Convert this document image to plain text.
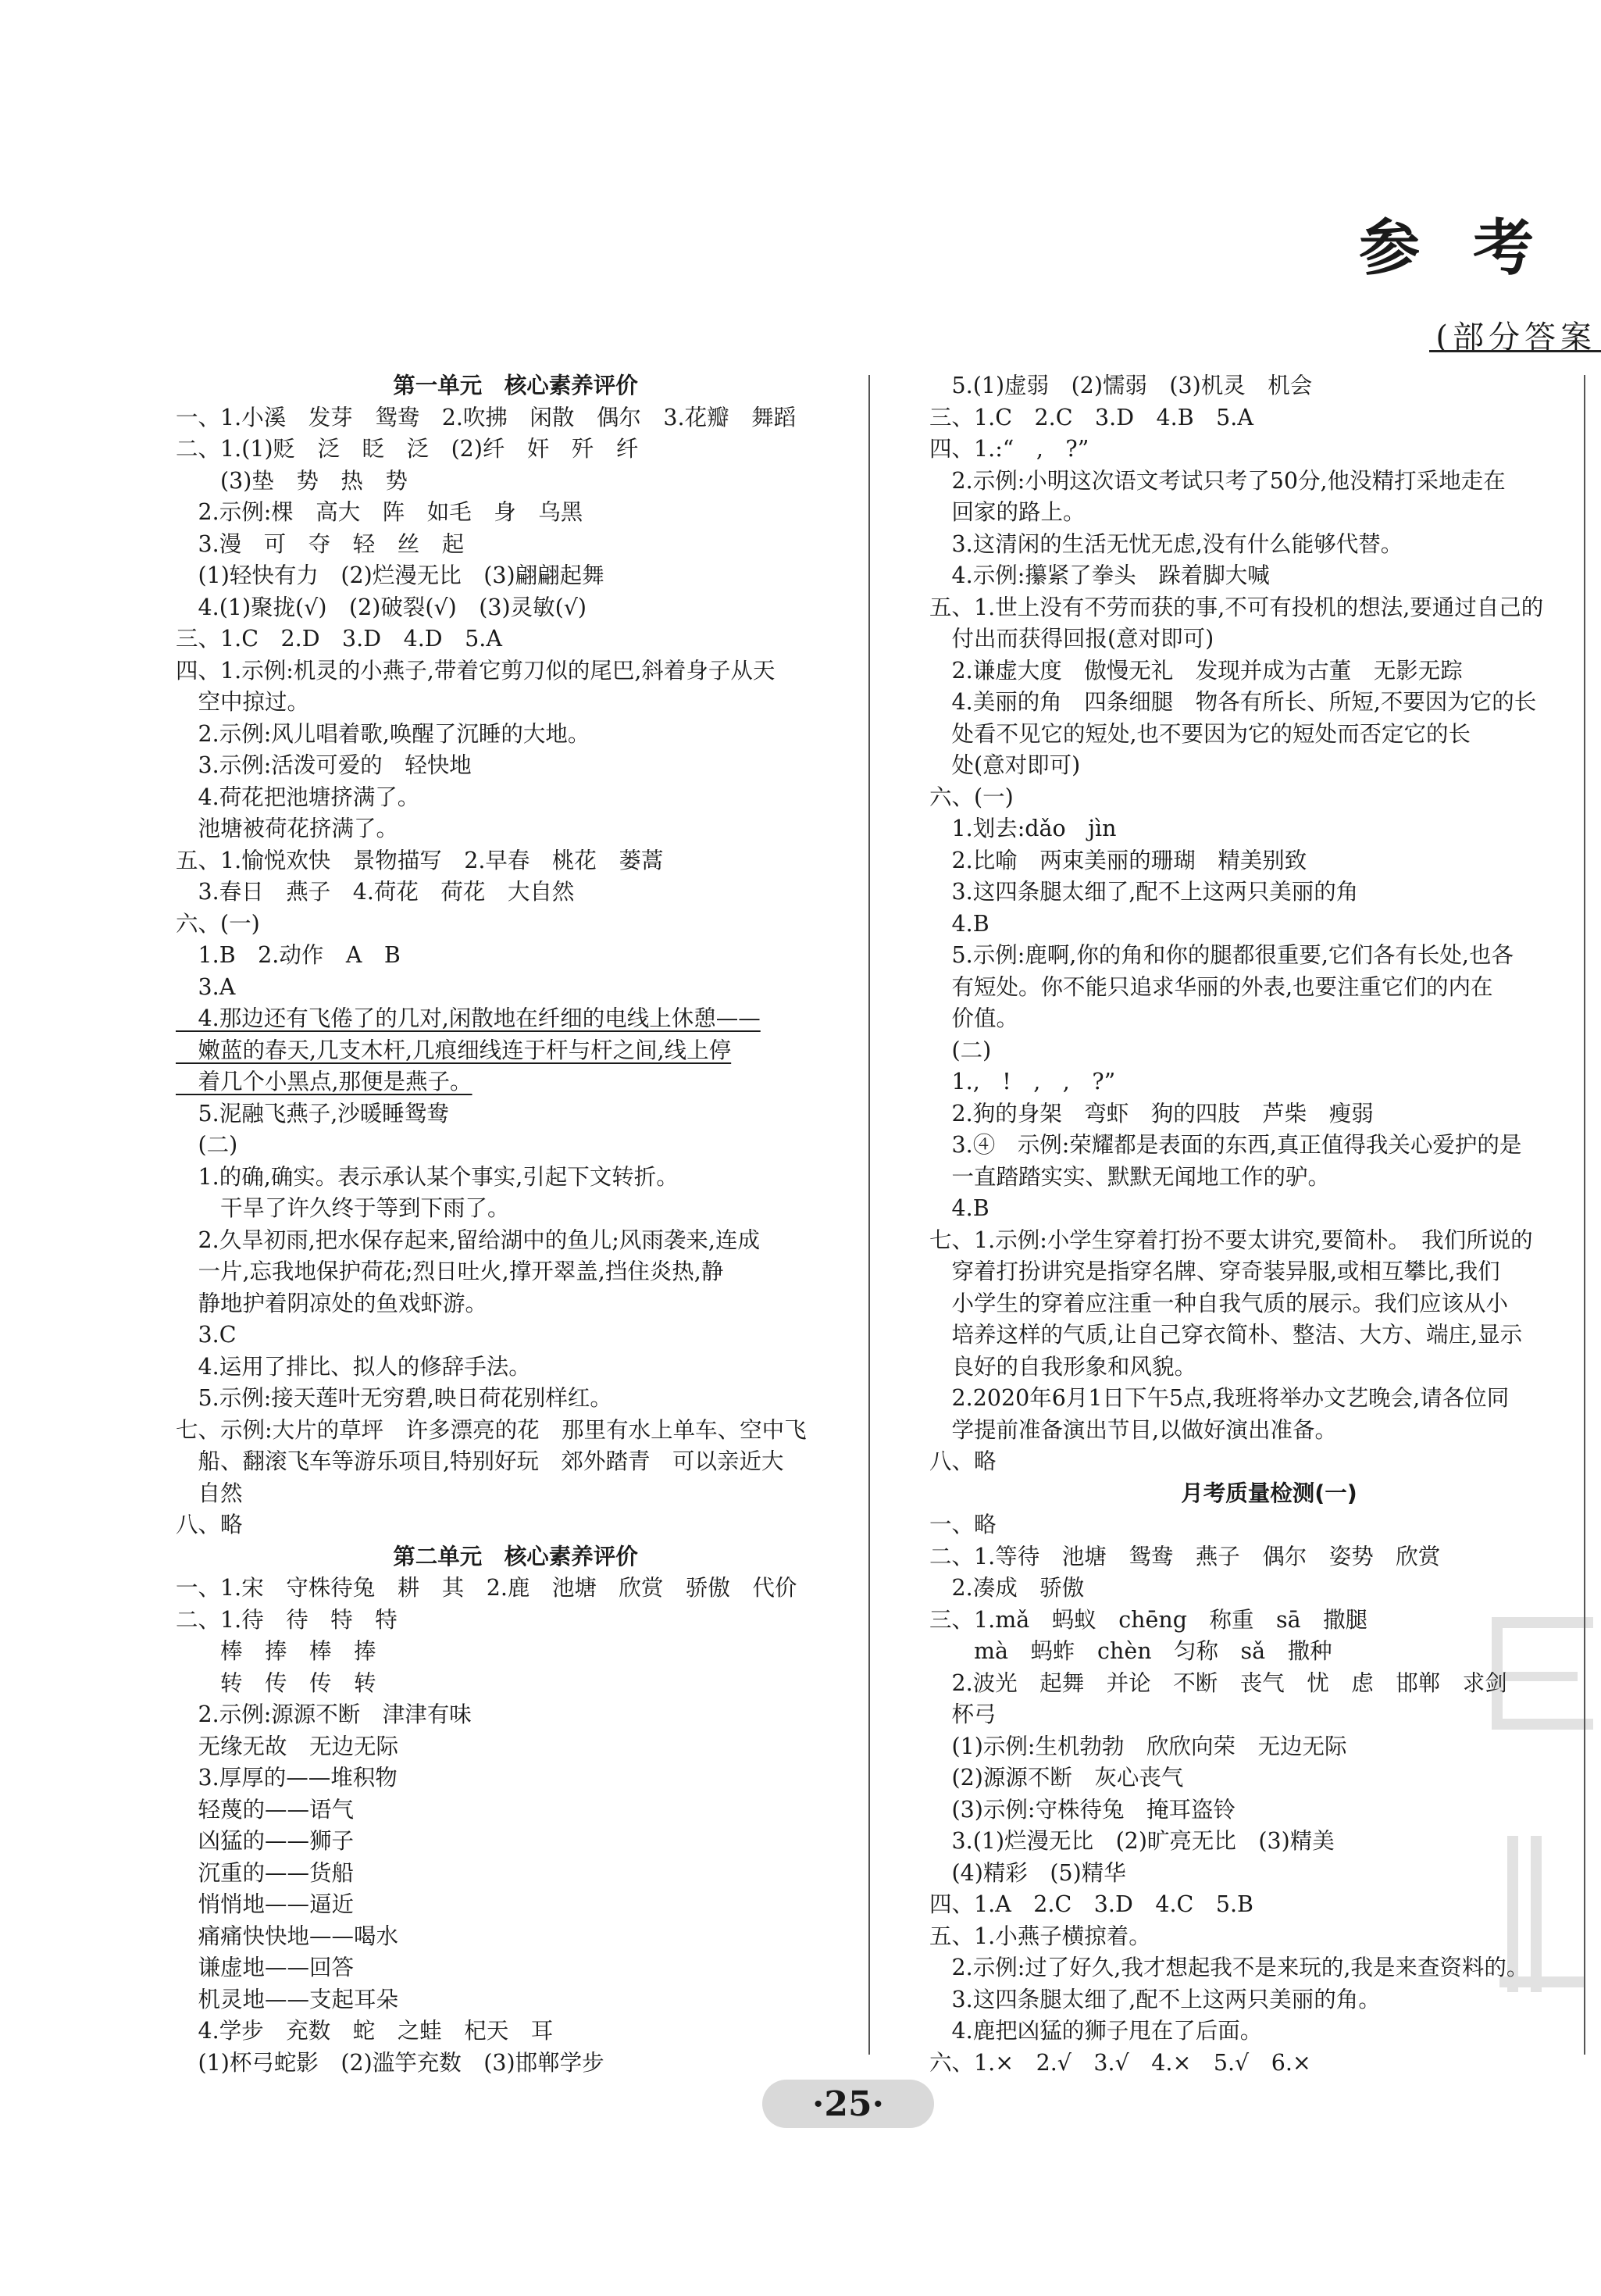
参考

(部分答案

第一单元　核心素养评价
一、1.小溪　发芽　鸳鸯　2.吹拂　闲散　偶尔　3.花瓣　舞蹈
二、1.(1)贬　泛　眨　泛　(2)纤　奸　歼　纤
　　(3)垫　势　热　势
　2.示例:棵　高大　阵　如毛　身　乌黑
　3.漫　可　夺　轻　丝　起
　(1)轻快有力　(2)烂漫无比　(3)翩翩起舞
　4.(1)聚拢(√)　(2)破裂(√)　(3)灵敏(√)
三、1.C　2.D　3.D　4.D　5.A
四、1.示例:机灵的小燕子,带着它剪刀似的尾巴,斜着身子从天
　空中掠过。
　2.示例:风儿唱着歌,唤醒了沉睡的大地。
　3.示例:活泼可爱的　轻快地
　4.荷花把池塘挤满了。
　池塘被荷花挤满了。
五、1.愉悦欢快　景物描写　2.早春　桃花　蒌蒿
　3.春日　燕子　4.荷花　荷花　大自然
六、(一)
　1.B　2.动作　A　B
　3.A
　4.那边还有飞倦了的几对,闲散地在纤细的电线上休憩——
　嫩蓝的春天,几支木杆,几痕细线连于杆与杆之间,线上停
　着几个小黑点,那便是燕子。
　5.泥融飞燕子,沙暖睡鸳鸯
　(二)
　1.的确,确实。表示承认某个事实,引起下文转折。
　　干旱了许久终于等到下雨了。
　2.久旱初雨,把水保存起来,留给湖中的鱼儿;风雨袭来,连成
　一片,忘我地保护荷花;烈日吐火,撑开翠盖,挡住炎热,静
　静地护着阴凉处的鱼戏虾游。
　3.C
　4.运用了排比、拟人的修辞手法。
　5.示例:接天莲叶无穷碧,映日荷花别样红。
七、示例:大片的草坪　许多漂亮的花　那里有水上单车、空中飞
　船、翻滚飞车等游乐项目,特别好玩　郊外踏青　可以亲近大
　自然
八、略
第二单元　核心素养评价
一、1.宋　守株待兔　耕　其　2.鹿　池塘　欣赏　骄傲　代价
二、1.待　待　特　特
　　棒　捧　棒　捧
　　转　传　传　转
　2.示例:源源不断　津津有味
　无缘无故　无边无际
　3.厚厚的——堆积物
　轻蔑的——语气
　凶猛的——狮子
　沉重的——货船
　悄悄地——逼近
　痛痛快快地——喝水
　谦虚地——回答
　机灵地——支起耳朵
　4.学步　充数　蛇　之蛙　杞天　耳
　(1)杯弓蛇影　(2)滥竽充数　(3)邯郸学步
　5.(1)虚弱　(2)懦弱　(3)机灵　机会
三、1.C　2.C　3.D　4.B　5.A
四、1.:“　,　?”
　2.示例:小明这次语文考试只考了50分,他没精打采地走在
　回家的路上。
　3.这清闲的生活无忧无虑,没有什么能够代替。
　4.示例:攥紧了拳头　跺着脚大喊
五、1.世上没有不劳而获的事,不可有投机的想法,要通过自己的
　付出而获得回报(意对即可)
　2.谦虚大度　傲慢无礼　发现并成为古董　无影无踪
　4.美丽的角　四条细腿　物各有所长、所短,不要因为它的长
　处看不见它的短处,也不要因为它的短处而否定它的长
　处(意对即可)
六、(一)
　1.划去:dǎo　jìn
　2.比喻　两束美丽的珊瑚　精美别致
　3.这四条腿太细了,配不上这两只美丽的角
　4.B
　5.示例:鹿啊,你的角和你的腿都很重要,它们各有长处,也各
　有短处。你不能只追求华丽的外表,也要注重它们的内在
　价值。
　(二)
　1.,　!　,　,　?”
　2.狗的身架　弯虾　狗的四肢　芦柴　瘦弱
　3.④　示例:荣耀都是表面的东西,真正值得我关心爱护的是
　一直踏踏实实、默默无闻地工作的驴。
　4.B
七、1.示例:小学生穿着打扮不要太讲究,要简朴。　我们所说的
　穿着打扮讲究是指穿名牌、穿奇装异服,或相互攀比,我们
　小学生的穿着应注重一种自我气质的展示。我们应该从小
　培养这样的气质,让自己穿衣简朴、整洁、大方、端庄,显示
　良好的自我形象和风貌。
　2.2020年6月1日下午5点,我班将举办文艺晚会,请各位同
　学提前准备演出节目,以做好演出准备。
八、略
月考质量检测(一)
一、略
二、1.等待　池塘　鸳鸯　燕子　偶尔　姿势　欣赏
　2.凑成　骄傲
三、1.mǎ　蚂蚁　chēng　称重　sā　撒腿
　　mà　蚂蚱　chèn　匀称　sǎ　撒种
　2.波光　起舞　并论　不断　丧气　忧　虑　邯郸　求剑
　杯弓
　(1)示例:生机勃勃　欣欣向荣　无边无际
　(2)源源不断　灰心丧气
　(3)示例:守株待兔　掩耳盗铃
　3.(1)烂漫无比　(2)旷亮无比　(3)精美
　(4)精彩　(5)精华
四、1.A　2.C　3.D　4.C　5.B
五、1.小燕子横掠着。
　2.示例:过了好久,我才想起我不是来玩的,我是来查资料的。
　3.这四条腿太细了,配不上这两只美丽的角。
　4.鹿把凶猛的狮子甩在了后面。
六、1.×　2.√　3.√　4.×　5.√　6.×
· 25 ·
